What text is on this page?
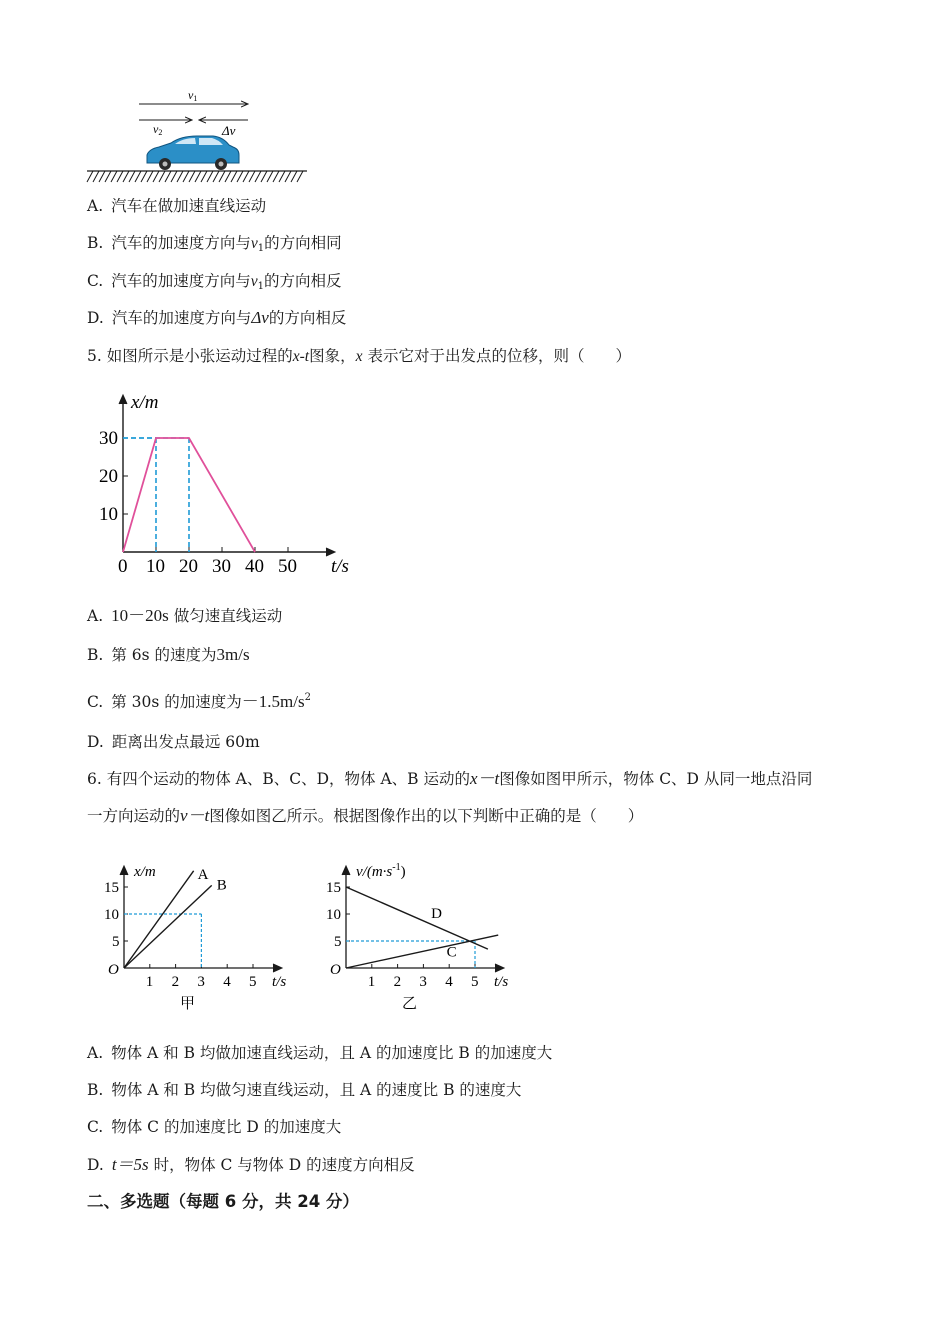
v1
v2	Δv
A. 汽车在做加速直线运动
B. 汽车的加速度方向与$v_1$的方向相同
C. 汽车的加速度方向与$v_1$的方向相反
D. 汽车的加速度方向与Δv的方向相反
5. 如图所示是小张运动过程的x-t图象，x 表示它对于出发点的位移，则（　　）
x/m
t/s
0 10 20 30 40 50
10
20
30
A. 10－20s 做匀速直线运动
B. 第 6s 的速度为3m/s
C. 第 30s 的加速度为$-1.5m/s^2$
D. 距离出发点最远 60m
6. 有四个运动的物体 A、B、C、D，物体 A、B 运动的x－t图像如图甲所示，物体 C、D 从同一地点沿同
一方向运动的v－t图像如图乙所示。根据图像作出的以下判断中正确的是（　　）
x/m
t/s
O
1 2 3 4 5
5
10
15
甲
A
B
$v/(m\cdot s^{-1})$
t/s
O
1 2 3 4 5
5
10
15
乙
D
C
A. 物体 A 和 B 均做加速直线运动，且 A 的加速度比 B 的加速度大
B. 物体 A 和 B 均做匀速直线运动，且 A 的速度比 B 的速度大
C. 物体 C 的加速度比 D 的加速度大
D. t＝5s 时，物体 C 与物体 D 的速度方向相反
二、多选题（每题 6 分，共 24 分）
